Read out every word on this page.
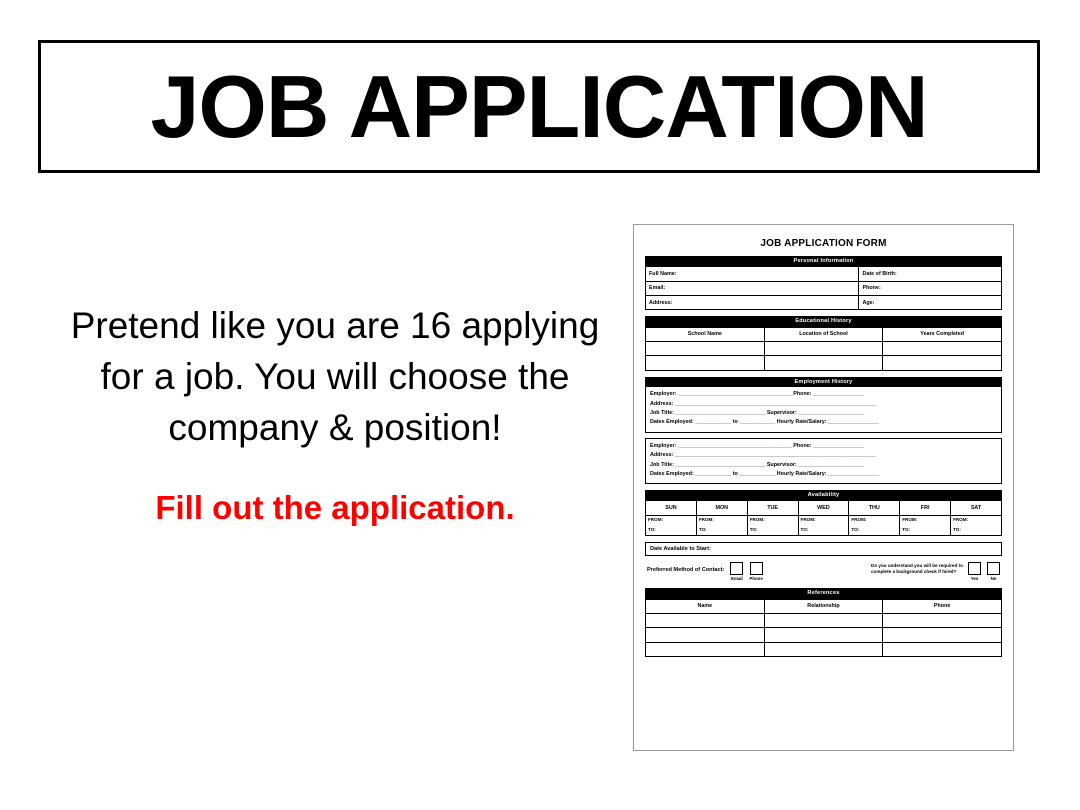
JOB APPLICATION
Pretend like you are 16 applying for a job. You will choose the company & position!
Fill out the application.
JOB APPLICATION FORM
Personal Information
Full Name:	Date of Birth:
Email:	Phone:
Address:	Age:
Educational History
School Name	Location of School	Years Completed

Employment History
Employer: ______________________________________ Phone: _________________
Address: ___________________________________________________________________
Job Title: ______________________________ Supervisor: ______________________
Dates Employed: ____________ to ____________ Hourly Rate/Salary: _________________
Employer: ______________________________________ Phone: _________________
Address: ___________________________________________________________________
Job Title: ______________________________ Supervisor: ______________________
Dates Employed: ____________ to ____________ Hourly Rate/Salary: _________________
Availability
SUN	MON	TUE	WED	THU	FRI	SAT
FROM:	FROM:	FROM:	FROM:	FROM:	FROM:	FROM:
TO:	TO:	TO:	TO:	TO:	TO:	TO:
Date Available to Start:
Preferred Method of Contact:
Email Phone
Do you understand you will be required to complete a background check if hired?
Yes	No
References
Name	Relationship	Phone
